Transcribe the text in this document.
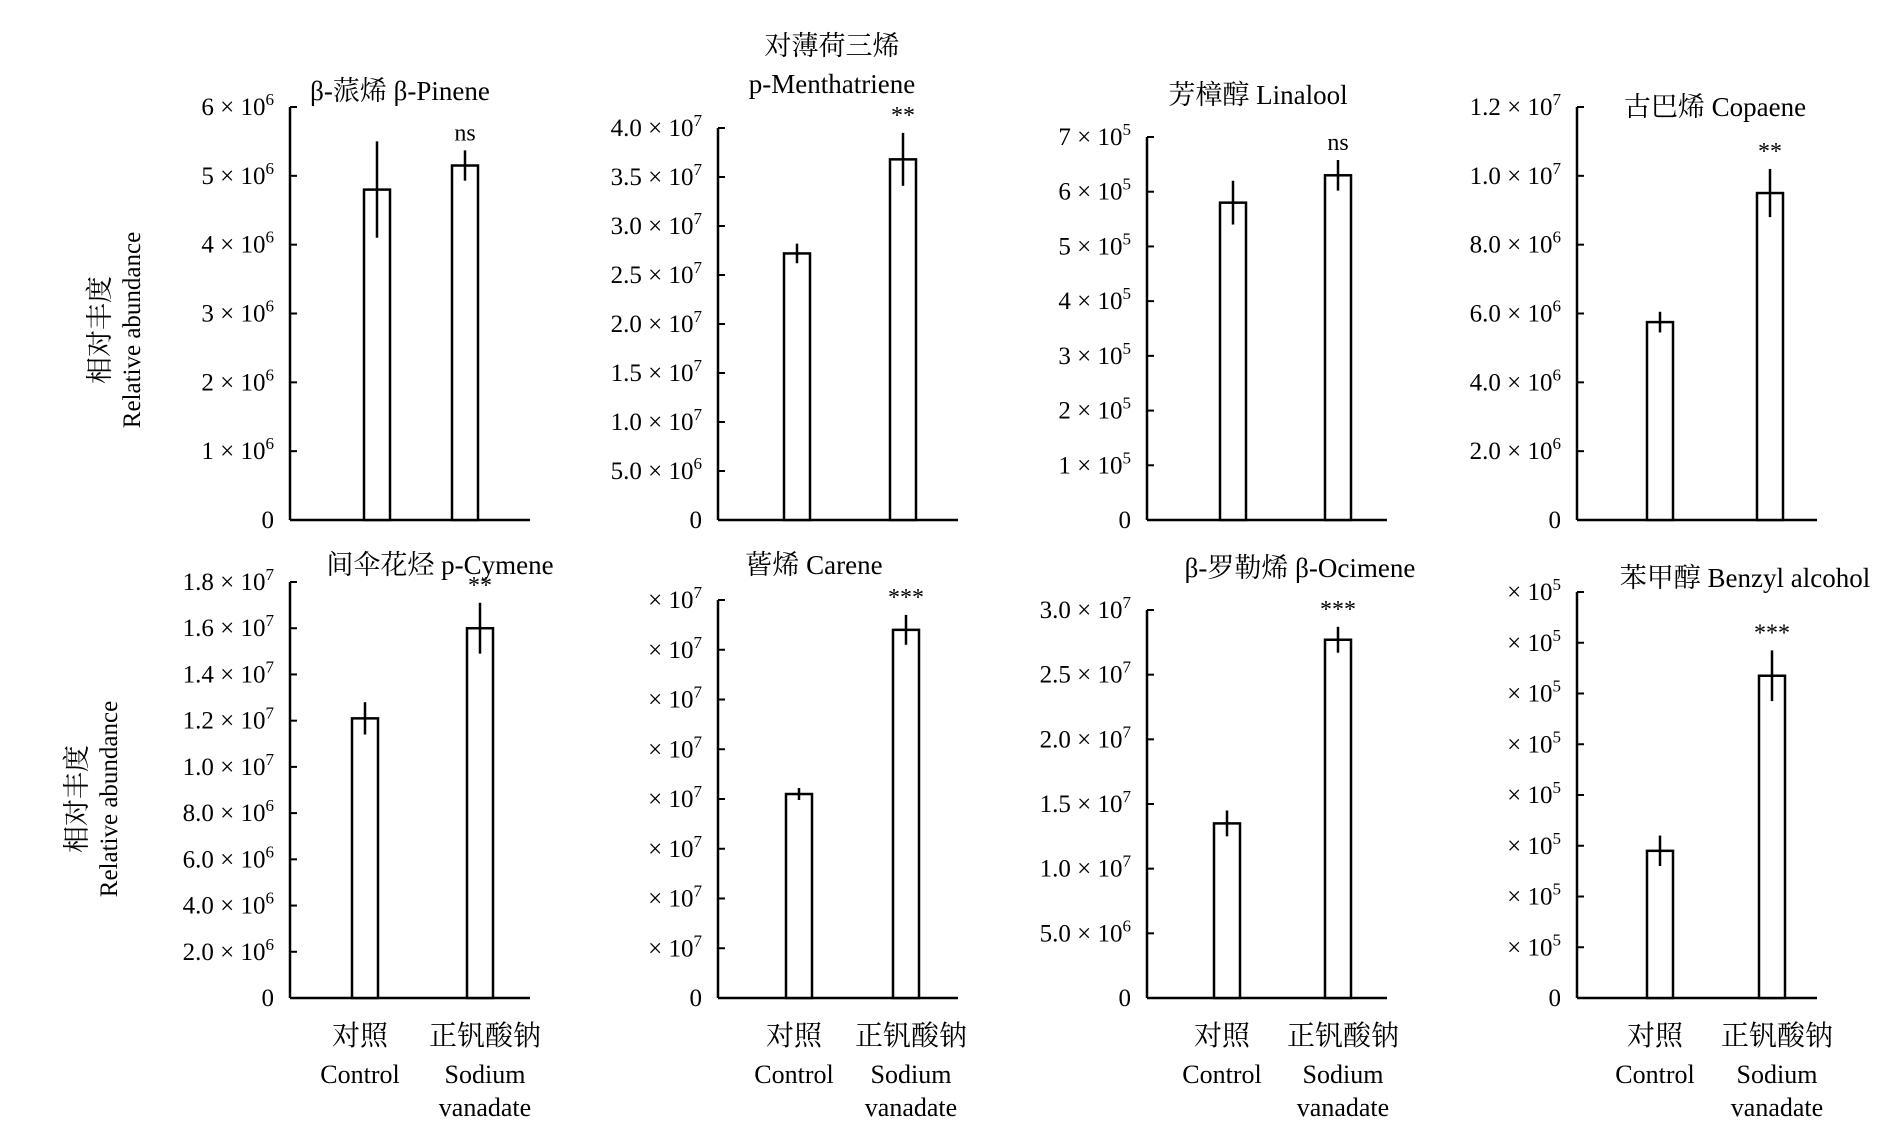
0
$1 \times 10^6$
$2 \times 10^6$
$3 \times 10^6$
$4 \times 10^6$
$5 \times 10^6$
$6 \times 10^6$
ns
β-蒎烯 β-Pinene
0
$5.0 \times 10^6$
$1.0 \times 10^7$
$1.5 \times 10^7$
$2.0 \times 10^7$
$2.5 \times 10^7$
$3.0 \times 10^7$
$3.5 \times 10^7$
$4.0 \times 10^7$	**
对薄荷三烯
p-Menthatriene
0
$1 \times 10^5$
$2 \times 10^5$
$3 \times 10^5$
$4 \times 10^5$
$5 \times 10^5$
$6 \times 10^5$
$7 \times 10^5$
ns
芳樟醇 Linalool
0
$2.0 \times 10^6$
$4.0 \times 10^6$
$6.0 \times 10^6$
$8.0 \times 10^6$
$1.0 \times 10^7$
$1.2 \times 10^7$
**
古巴烯 Copaene
0
$2.0 \times 10^6$
$4.0 \times 10^6$
$6.0 \times 10^6$
$8.0 \times 10^6$
$1.0 \times 10^7$
$1.2 \times 10^7$
$1.4 \times 10^7$
$1.6 \times 10^7$
$1.8 \times 10^7$	**
间伞花烃 p-Cymene
对照
Control
正钒酸钠
Sodium
vanadate
0
× $10^7$
× $10^7$
× $10^7$
× $10^7$
× $10^7$
× $10^7$
× $10^7$
× $10^7$	***
蒈烯 Carene
对照
Control
正钒酸钠
Sodium
vanadate
0
$5.0 \times 10^6$
$1.0 \times 10^7$
$1.5 \times 10^7$
$2.0 \times 10^7$
$2.5 \times 10^7$
$3.0 \times 10^7$	***
β-罗勒烯 β-Ocimene
对照
Control
正钒酸钠
Sodium
vanadate
0
× $10^5$
× $10^5$
× $10^5$
× $10^5$
× $10^5$
× $10^5$
× $10^5$
× $10^5$
***
苯甲醇 Benzyl alcohol
对照
Control
正钒酸钠
Sodium
vanadate
相对丰度 Relative abundance
相对丰度 Relative abundance
